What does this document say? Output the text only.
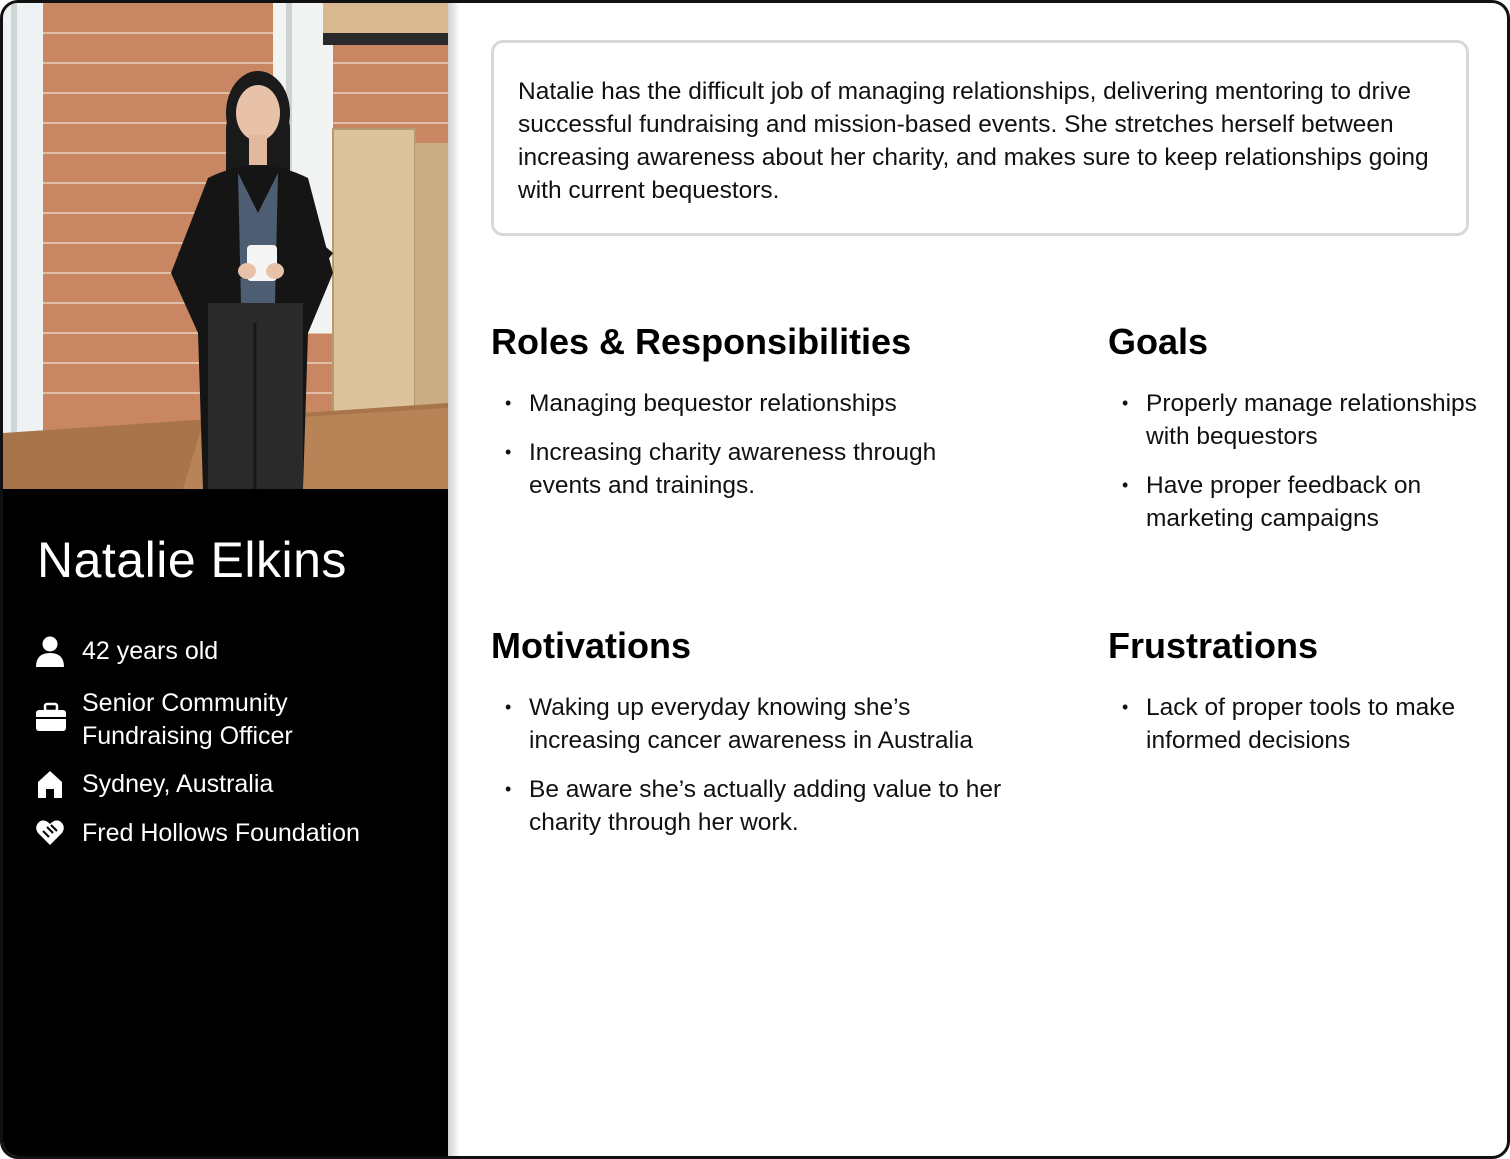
Natalie Elkins
42 years old
Senior Community Fundraising Officer
Sydney, Australia
Fred Hollows Foundation
Natalie has the difficult job of managing relationships, delivering mentoring to drive successful fundraising and mission-based events. She stretches herself between increasing awareness about her charity, and makes sure to keep relationships going with current bequestors.
Roles & Responsibilities
• Managing bequestor relationships
• Increasing charity awareness through events and trainings.
Goals
• Properly manage relationships with bequestors
• Have proper feedback on marketing campaigns
Motivations
• Waking up everyday knowing she’s increasing cancer awareness in Australia
• Be aware she’s actually adding value to her charity through her work.
Frustrations
• Lack of proper tools to make informed decisions
